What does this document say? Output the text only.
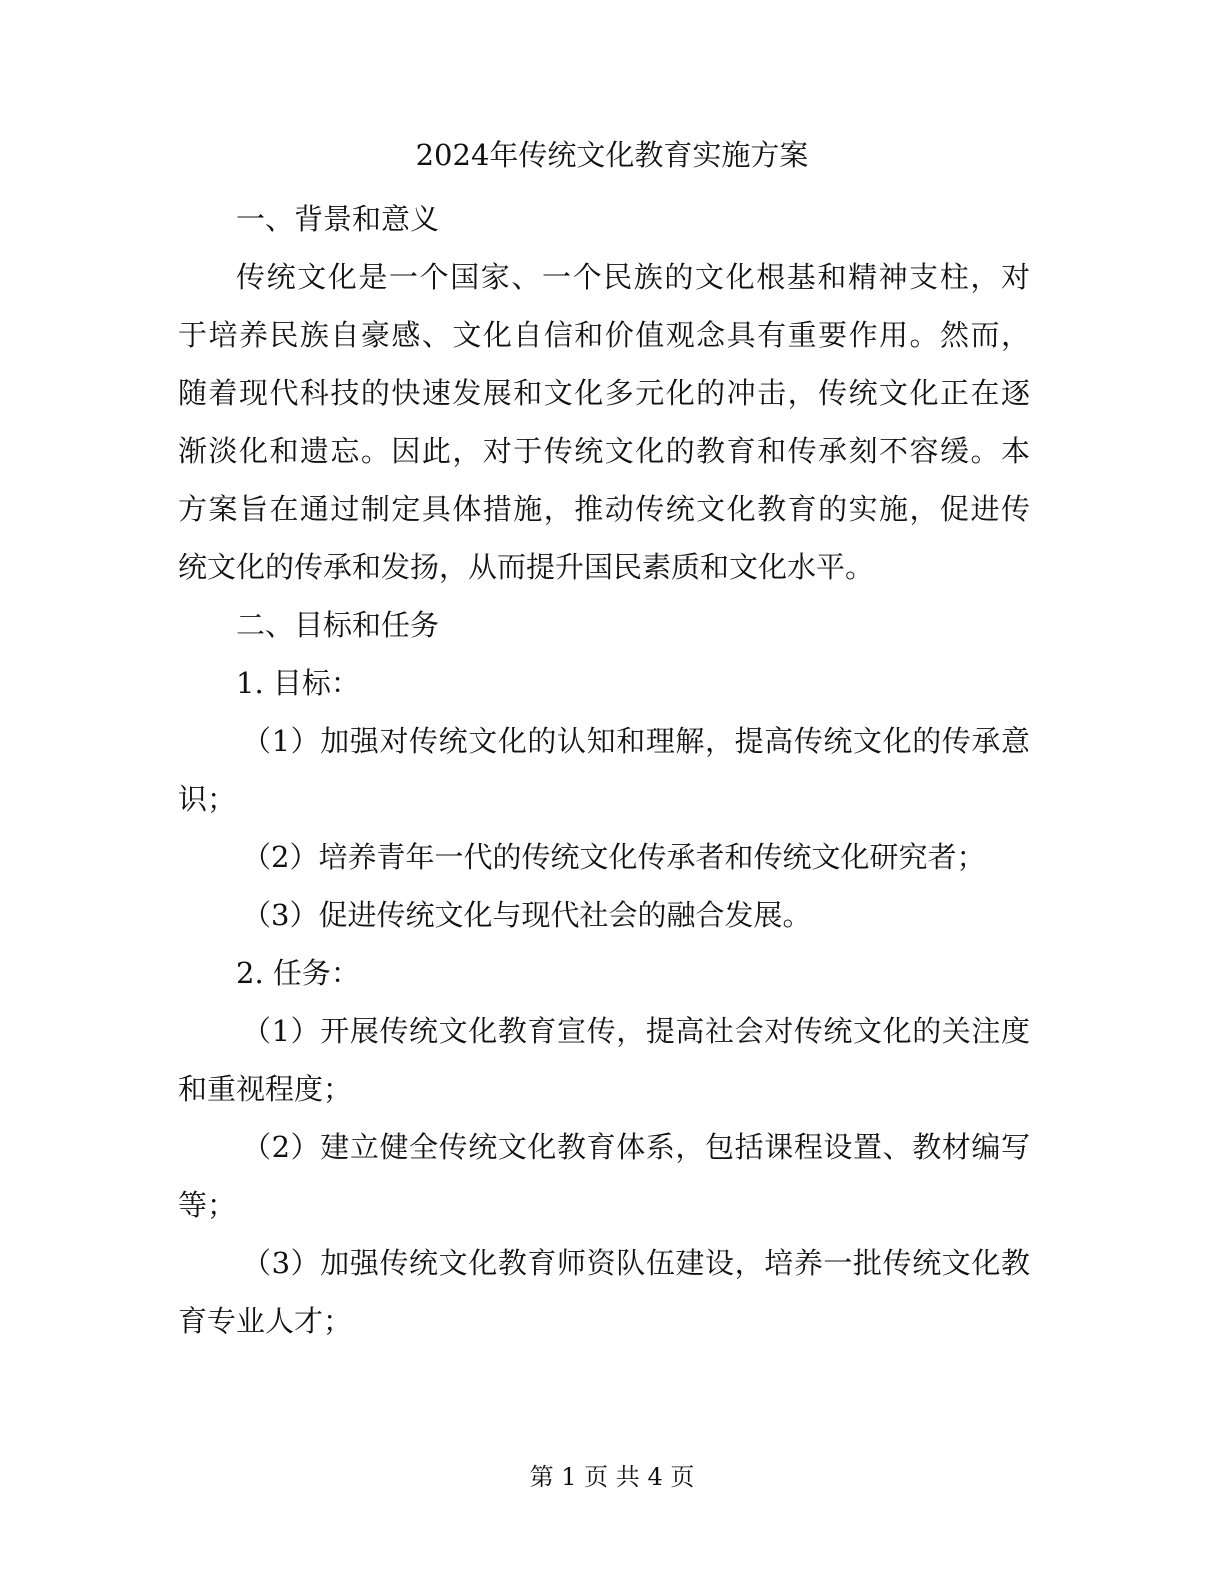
2024年传统文化教育实施方案
一、背景和意义
传统文化是一个国家、一个民族的文化根基和精神支柱，对
于培养民族自豪感、文化自信和价值观念具有重要作用。然而，
随着现代科技的快速发展和文化多元化的冲击，传统文化正在逐
渐淡化和遗忘。因此，对于传统文化的教育和传承刻不容缓。本
方案旨在通过制定具体措施，推动传统文化教育的实施，促进传
统文化的传承和发扬，从而提升国民素质和文化水平。
二、目标和任务
1. 目标：
（1）加强对传统文化的认知和理解，提高传统文化的传承意
识；
（2）培养青年一代的传统文化传承者和传统文化研究者；
（3）促进传统文化与现代社会的融合发展。
2. 任务：
（1）开展传统文化教育宣传，提高社会对传统文化的关注度
和重视程度；
（2）建立健全传统文化教育体系，包括课程设置、教材编写
等；
（3）加强传统文化教育师资队伍建设，培养一批传统文化教
育专业人才；
第 1 页 共 4 页
